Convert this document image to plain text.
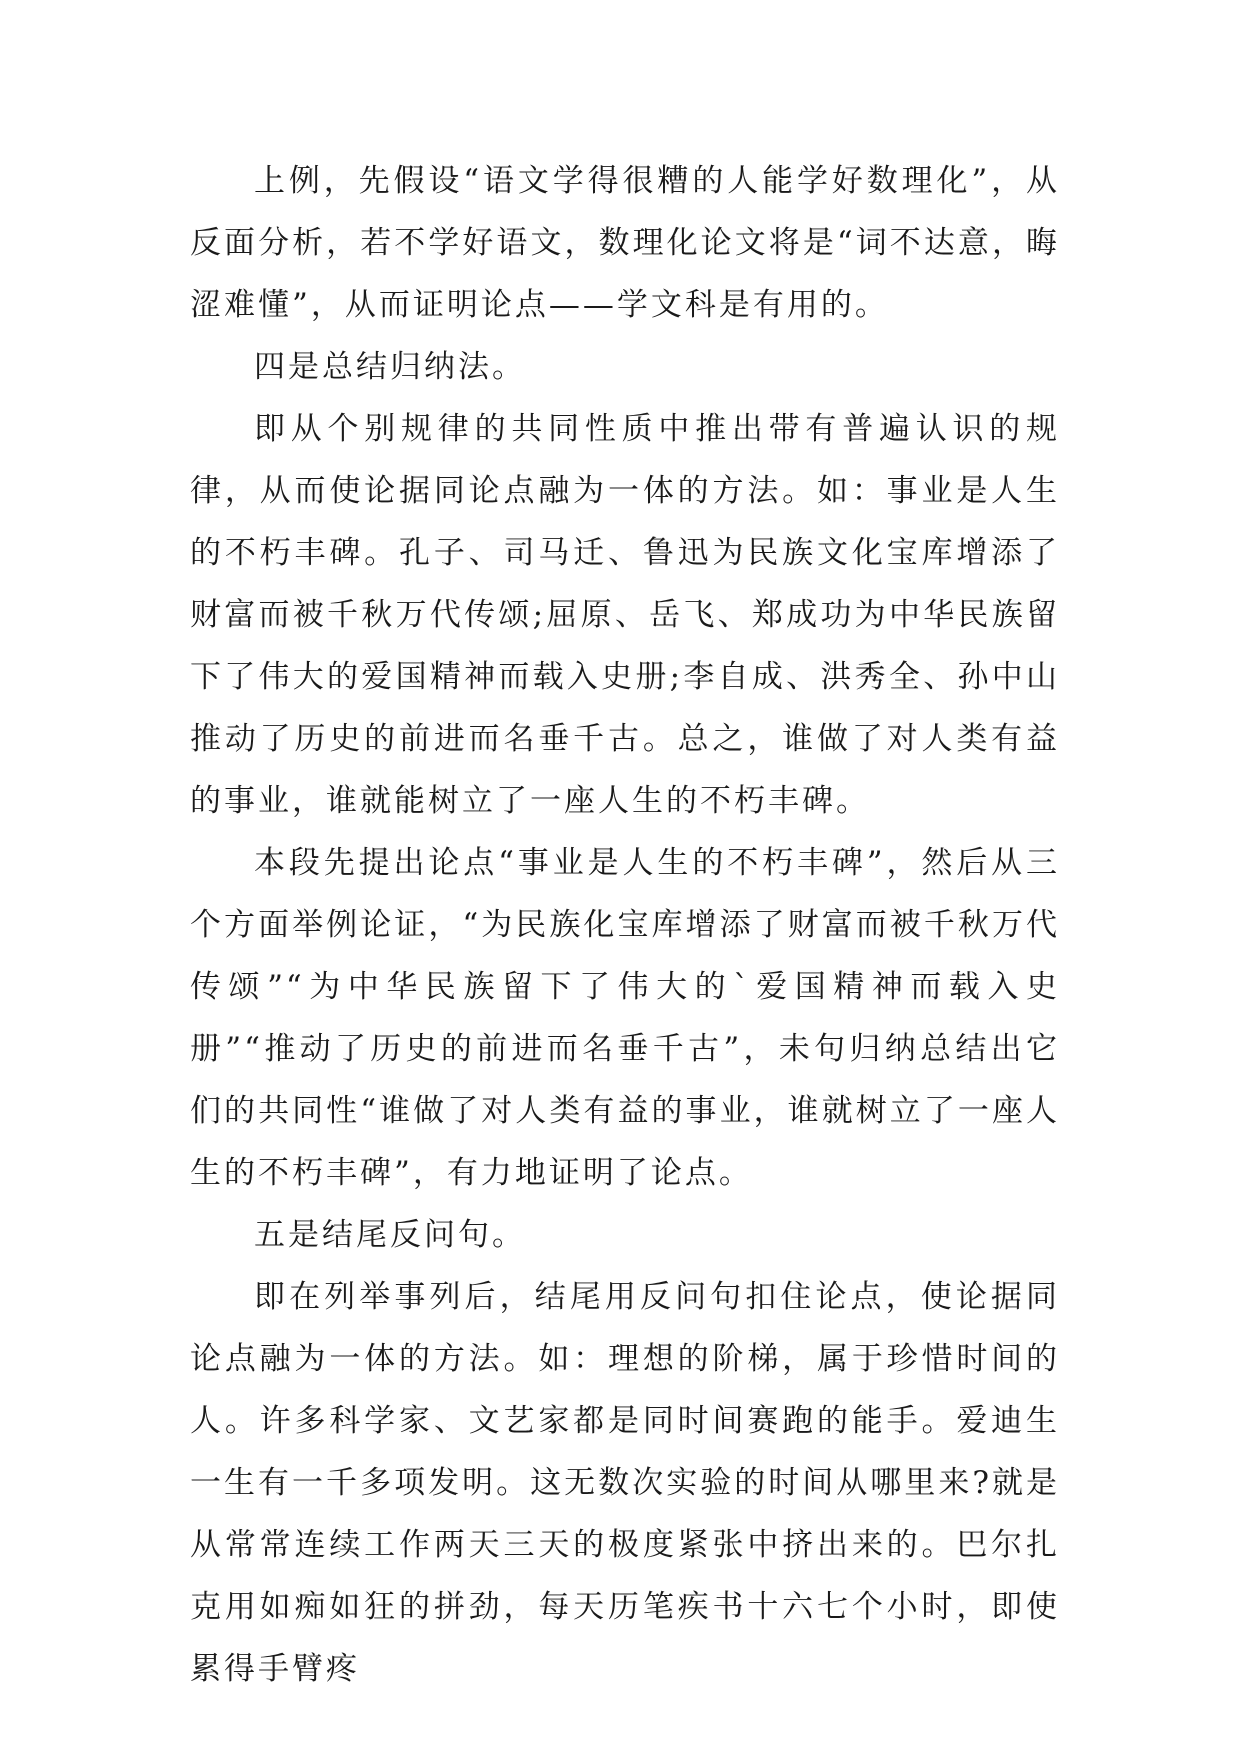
上例，先假设“语文学得很糟的人能学好数理化”，从反面分析，若不学好语文，数理化论文将是“词不达意，晦涩难懂”，从而证明论点——学文科是有用的。

四是总结归纳法。

即从个别规律的共同性质中推出带有普遍认识的规律，从而使论据同论点融为一体的方法。如：事业是人生的不朽丰碑。孔子、司马迁、鲁迅为民族文化宝库增添了财富而被千秋万代传颂;屈原、岳飞、郑成功为中华民族留下了伟大的爱国精神而载入史册;李自成、洪秀全、孙中山推动了历史的前进而名垂千古。总之，谁做了对人类有益的事业，谁就能树立了一座人生的不朽丰碑。

本段先提出论点“事业是人生的不朽丰碑”，然后从三个方面举例论证，“为民族化宝库增添了财富而被千秋万代传颂”“为中华民族留下了伟大的`爱国精神而载入史册”“推动了历史的前进而名垂千古”，未句归纳总结出它们的共同性“谁做了对人类有益的事业，谁就树立了一座人生的不朽丰碑”，有力地证明了论点。

五是结尾反问句。

即在列举事列后，结尾用反问句扣住论点，使论据同论点融为一体的方法。如：理想的阶梯，属于珍惜时间的人。许多科学家、文艺家都是同时间赛跑的能手。爱迪生一生有一千多项发明。这无数次实验的时间从哪里来?就是从常常连续工作两天三天的极度紧张中挤出来的。巴尔扎克用如痴如狂的拼劲，每天历笔疾书十六七个小时，即使累得手臂疼
